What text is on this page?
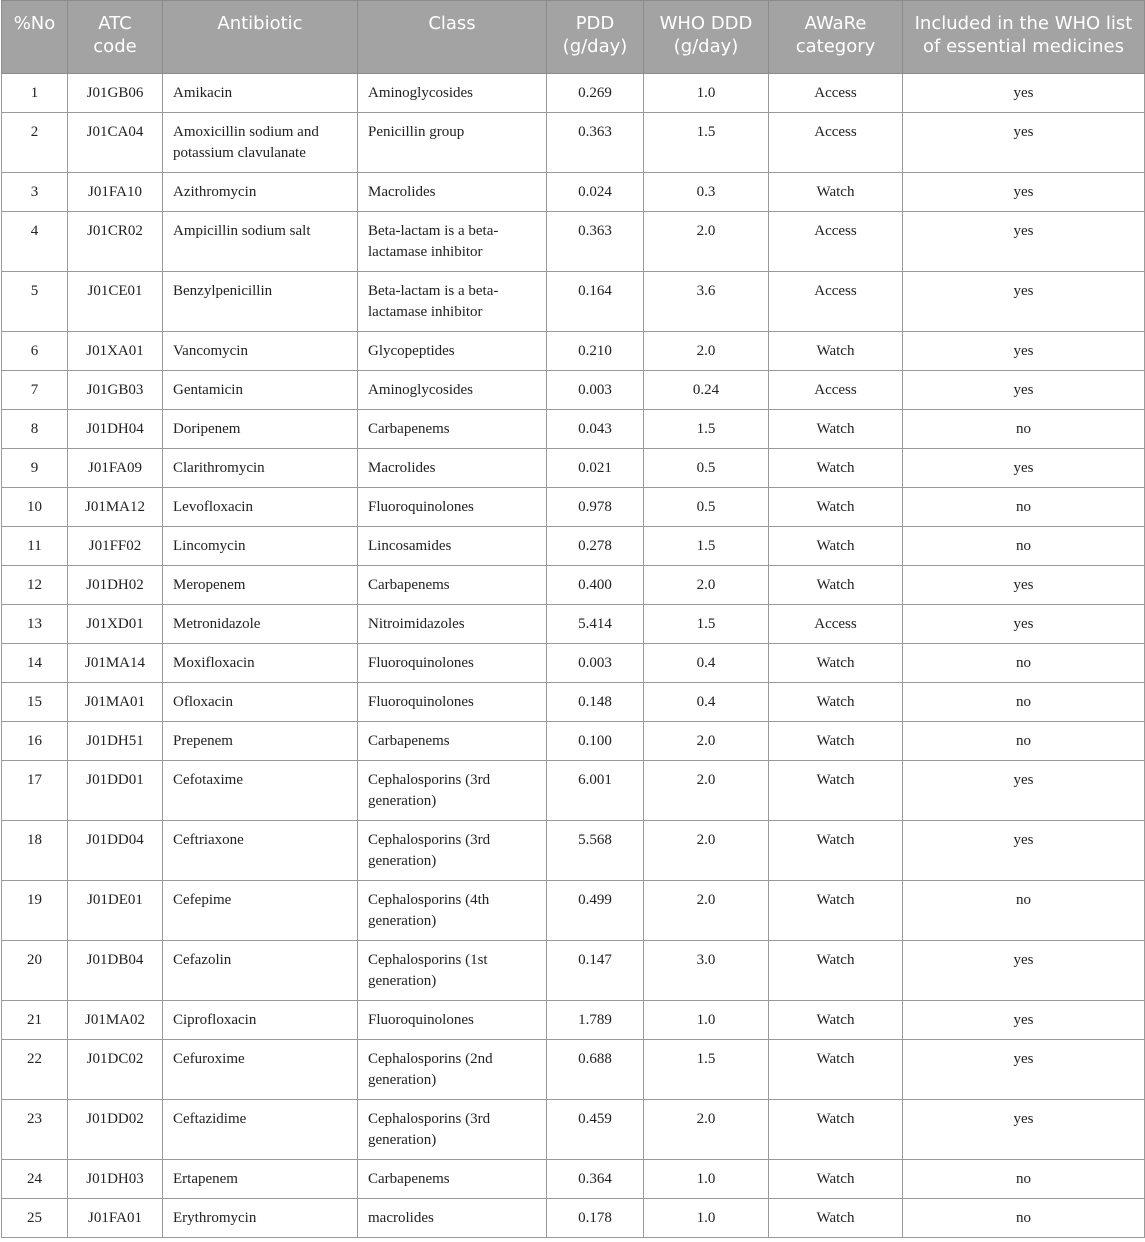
%No	ATC code	Antibiotic	Class	PDD (g/day)	WHO DDD (g/day)	AWaRe category	Included in the WHO list of essential medicines
1	J01GB06	Amikacin	Aminoglycosides	0.269	1.0	Access	yes
2	J01CA04	Amoxicillin sodium and potassium clavulanate	Penicillin group	0.363	1.5	Access	yes
3	J01FA10	Azithromycin	Macrolides	0.024	0.3	Watch	yes
4	J01CR02	Ampicillin sodium salt	Beta-lactam is a beta-lactamase inhibitor	0.363	2.0	Access	yes
5	J01CE01	Benzylpenicillin	Beta-lactam is a beta-lactamase inhibitor	0.164	3.6	Access	yes
6	J01XA01	Vancomycin	Glycopeptides	0.210	2.0	Watch	yes
7	J01GB03	Gentamicin	Aminoglycosides	0.003	0.24	Access	yes
8	J01DH04	Doripenem	Carbapenems	0.043	1.5	Watch	no
9	J01FA09	Clarithromycin	Macrolides	0.021	0.5	Watch	yes
10	J01MA12	Levofloxacin	Fluoroquinolones	0.978	0.5	Watch	no
11	J01FF02	Lincomycin	Lincosamides	0.278	1.5	Watch	no
12	J01DH02	Meropenem	Carbapenems	0.400	2.0	Watch	yes
13	J01XD01	Metronidazole	Nitroimidazoles	5.414	1.5	Access	yes
14	J01MA14	Moxifloxacin	Fluoroquinolones	0.003	0.4	Watch	no
15	J01MA01	Ofloxacin	Fluoroquinolones	0.148	0.4	Watch	no
16	J01DH51	Prepenem	Carbapenems	0.100	2.0	Watch	no
17	J01DD01	Cefotaxime	Cephalosporins (3rd generation)	6.001	2.0	Watch	yes
18	J01DD04	Ceftriaxone	Cephalosporins (3rd generation)	5.568	2.0	Watch	yes
19	J01DE01	Cefepime	Cephalosporins (4th generation)	0.499	2.0	Watch	no
20	J01DB04	Cefazolin	Cephalosporins (1st generation)	0.147	3.0	Watch	yes
21	J01MA02	Ciprofloxacin	Fluoroquinolones	1.789	1.0	Watch	yes
22	J01DC02	Cefuroxime	Cephalosporins (2nd generation)	0.688	1.5	Watch	yes
23	J01DD02	Ceftazidime	Cephalosporins (3rd generation)	0.459	2.0	Watch	yes
24	J01DH03	Ertapenem	Carbapenems	0.364	1.0	Watch	no
25	J01FA01	Erythromycin	macrolides	0.178	1.0	Watch	no
